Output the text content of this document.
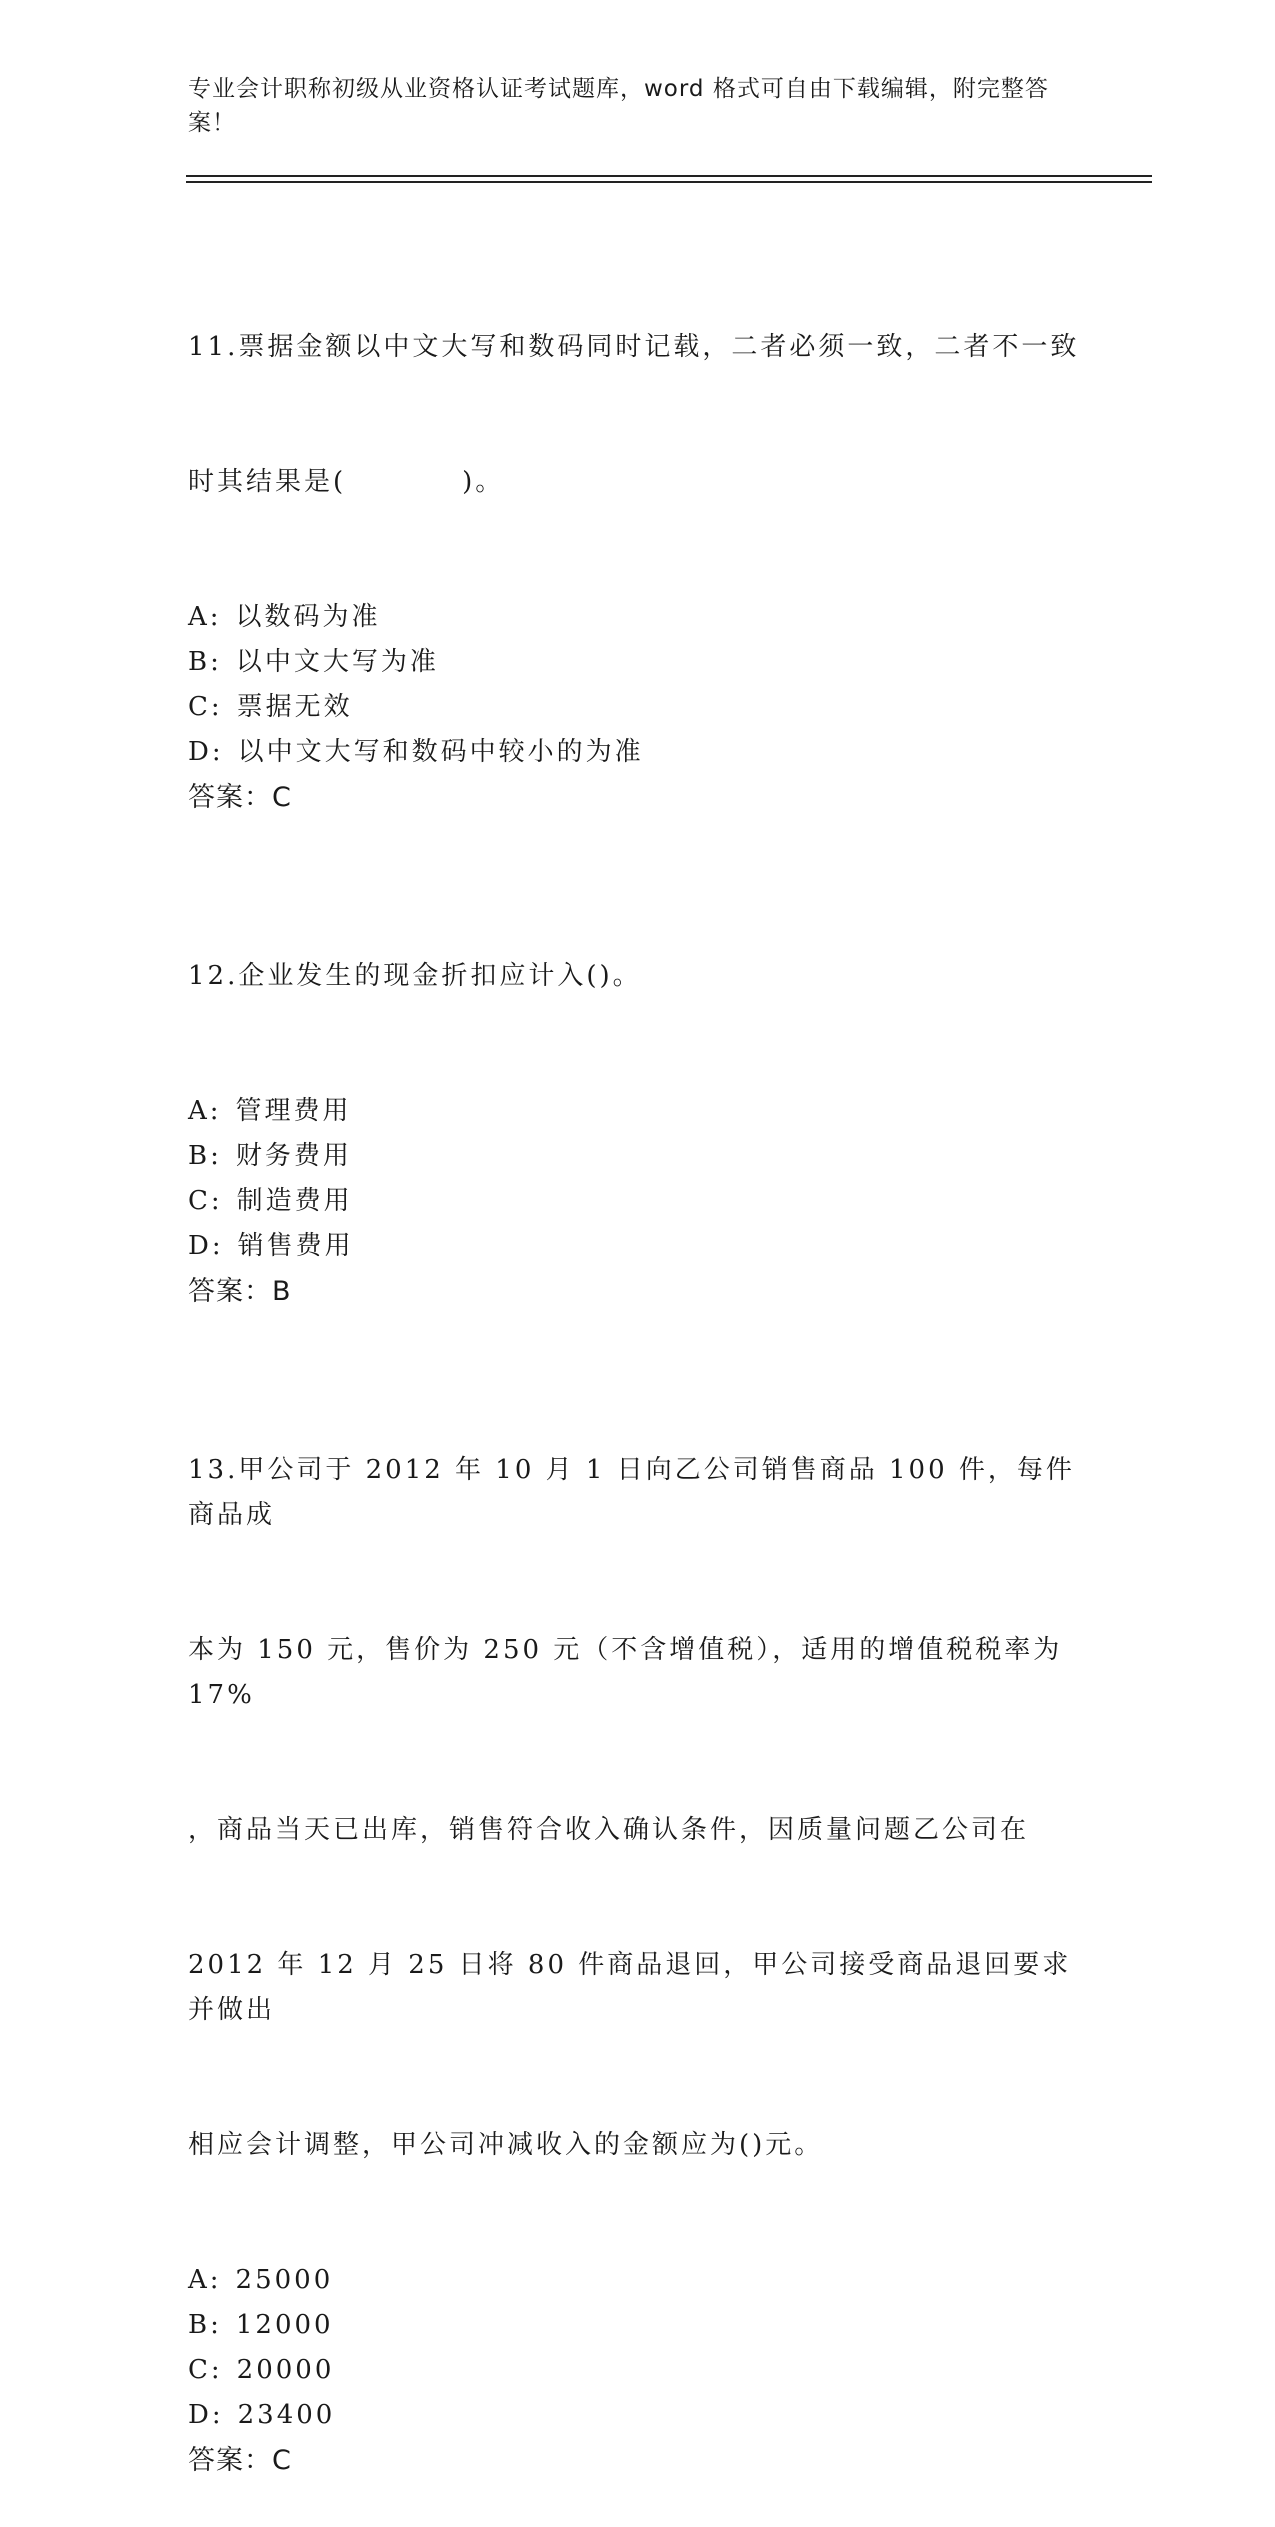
专业会计职称初级从业资格认证考试题库，word 格式可自由下载编辑，附完整答案！

11.票据金额以中文大写和数码同时记载，二者必须一致，二者不一致

时其结果是(　　　　)。

A: 以数码为准
B: 以中文大写为准
C: 票据无效
D: 以中文大写和数码中较小的为准
答案：C

12.企业发生的现金折扣应计入()。

A: 管理费用
B: 财务费用
C: 制造费用
D: 销售费用
答案：B

13.甲公司于 2012 年 10 月 1 日向乙公司销售商品 100 件，每件商品成

本为 150 元，售价为 250 元（不含增值税），适用的增值税税率为 17%

，商品当天已出库，销售符合收入确认条件，因质量问题乙公司在

2012 年 12 月 25 日将 80 件商品退回，甲公司接受商品退回要求并做出

相应会计调整，甲公司冲减收入的金额应为()元。

A: 25000
B: 12000
C: 20000
D: 23400
答案：C
